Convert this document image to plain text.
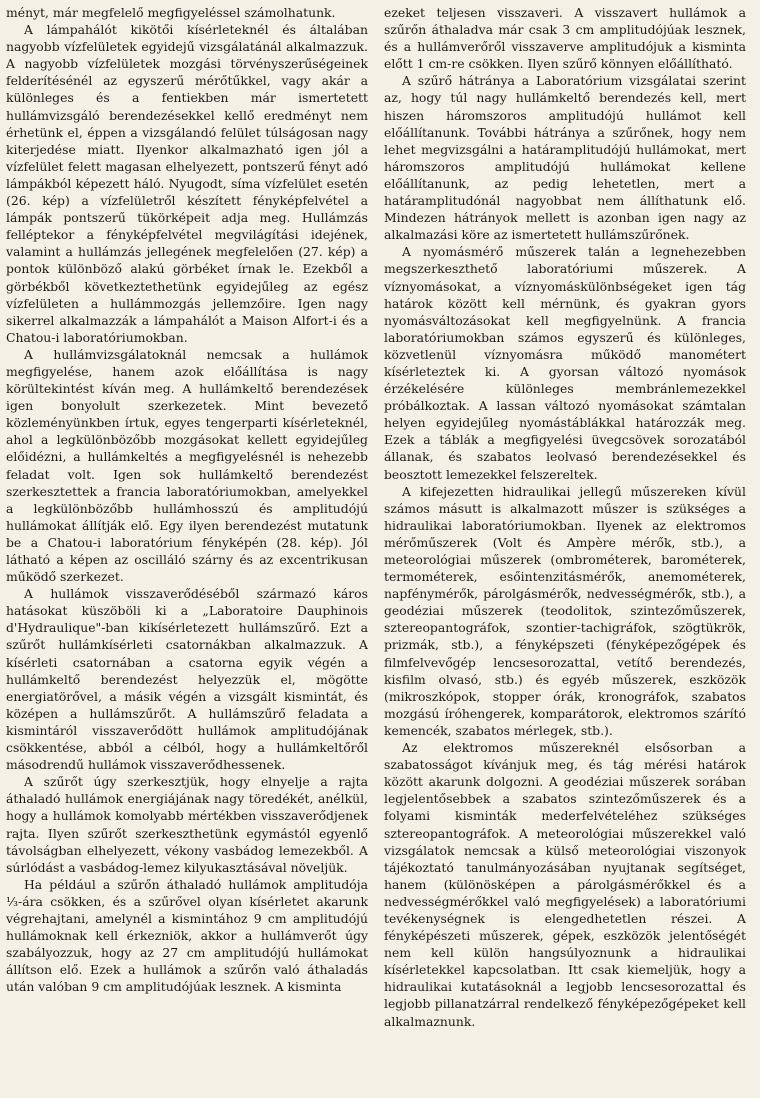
ményt, már megfelelő megfigyeléssel számolhatunk.

A lámpahálót kikötői kísérleteknél és általában nagyobb vízfelületek egyidejű vizsgálatánál alkalmazzuk. A nagyobb vízfelületek mozgási törvényszerűségeinek felderítésénél az egyszerű mérőtűkkel, vagy akár a különleges és a fentiekben már ismertetett hullámvizsgáló berendezésekkel kellő eredményt nem érhetünk el, éppen a vizsgálandó felület túlságosan nagy kiterjedése miatt. Ilyenkor alkalmazható igen jól a vízfelület felett magasan elhelyezett, pontszerű fényt adó lámpákból képezett háló. Nyugodt, síma vízfelület esetén (26. kép) a vízfelületről készített fényképfelvétel a lámpák pontszerű tükörképeit adja meg. Hullámzás felléptekor a fényképfelvétel megvilágítási idejének, valamint a hullámzás jellegének megfelelően (27. kép) a pontok különböző alakú görbéket írnak le. Ezekből a görbékből következtethetünk egyidejűleg az egész vízfelületen a hullámmozgás jellemzőire. Igen nagy sikerrel alkalmazzák a lámpahálót a Maison Alfort-i és a Chatou-i laboratóriumokban.

A hullámvizsgálatoknál nemcsak a hullámok megfigyelése, hanem azok előállítása is nagy körültekintést kíván meg. A hullámkeltő berendezések igen bonyolult szerkezetek. Mint bevezető közleményünkben írtuk, egyes tengerparti kísérleteknél, ahol a legkülönbözőbb mozgásokat kellett egyidejűleg előidézni, a hullámkeltés a megfigyelésnél is nehezebb feladat volt. Igen sok hullámkeltő berendezést szerkesztettek a francia laboratóriumokban, amelyekkel a legkülönbözőbb hullámhosszú és amplitudójú hullámokat állítják elő. Egy ilyen berendezést mutatunk be a Chatou-i laboratórium fényképén (28. kép). Jól látható a képen az oscilláló szárny és az excentrikusan működő szerkezet.

A hullámok visszaverődéséből származó káros hatásokat küszöböli ki a „Laboratoire Dauphinois d'Hydraulique"-ban kikísérletezett hullámszűrő. Ezt a szűrőt hullámkísérleti csatornákban alkalmazzuk. A kísérleti csatornában a csatorna egyik végén a hullámkeltő berendezést helyezzük el, mögötte energiatörővel, a másik végén a vizsgált kismintát, és középen a hullámszűrőt. A hullámszűrő feladata a kismintáról visszaverődött hullámok amplitudójának csökkentése, abból a célból, hogy a hullámkeltőről másodrendű hullámok visszaverődhessenek.

A szűrőt úgy szerkesztjük, hogy elnyelje a rajta áthaladó hullámok energiájának nagy töredékét, anélkül, hogy a hullámok komolyabb mértékben visszaverődjenek rajta. Ilyen szűrőt szerkeszthetünk egymástól egyenlő távolságban elhelyezett, vékony vasbádog lemezekből. A súrlódást a vasbádog-lemez kilyukasztásával növeljük.

Ha például a szűrőn áthaladó hullámok amplitudója ⅓-ára csökken, és a szűrővel olyan kísérletet akarunk végrehajtani, amelynél a kismintához 9 cm amplitudójú hullámoknak kell érkezniök, akkor a hullámverőt úgy szabályozzuk, hogy az 27 cm amplitudójú hullámokat állítson elő. Ezek a hullámok a szűrőn való áthaladás után valóban 9 cm amplitudójúak lesznek. A kisminta

ezeket teljesen visszaveri. A visszavert hullámok a szűrőn áthaladva már csak 3 cm amplitudójúak lesznek, és a hullámverőről visszaverve amplitudójuk a kisminta előtt 1 cm-re csökken. Ilyen szűrő könnyen előállítható.

A szűrő hátránya a Laboratórium vizsgálatai szerint az, hogy túl nagy hullámkeltő berendezés kell, mert hiszen háromszoros amplitudójú hullámot kell előállítanunk. További hátránya a szűrőnek, hogy nem lehet megvizsgálni a határamplitudójú hullámokat, mert háromszoros amplitudójú hullámokat kellene előállítanunk, az pedig lehetetlen, mert a határamplitudónál nagyobbat nem állíthatunk elő. Mindezen hátrányok mellett is azonban igen nagy az alkalmazási köre az ismertetett hullámszűrőnek.

A nyomásmérő műszerek talán a legnehezebben megszerkeszthető laboratóriumi műszerek. A víznyomásokat, a víznyomáskülönbségeket igen tág határok között kell mérnünk, és gyakran gyors nyomásváltozásokat kell megfigyelnünk. A francia laboratóriumokban számos egyszerű és különleges, közvetlenül víznyomásra működő manométert kísérleteztek ki. A gyorsan változó nyomások érzékelésére különleges membránlemezekkel próbálkoztak. A lassan változó nyomásokat számtalan helyen egyidejűleg nyomástáblákkal határozzák meg. Ezek a táblák a megfigyelési üvegcsövek sorozatából állanak, és szabatos leolvasó berendezésekkel és beosztott lemezekkel felszereltek.

A kifejezetten hidraulikai jellegű műszereken kívül számos másutt is alkalmazott műszer is szükséges a hidraulikai laboratóriumokban. Ilyenek az elektromos mérőműszerek (Volt és Ampère mérők, stb.), a meteorológiai műszerek (ombrométerek, barométerek, termométerek, esőintenzitásmérők, anemométerek, napfénymérők, párolgásmérők, nedvességmérők, stb.), a geodéziai műszerek (teodolitok, szintezőműszerek, sztereopantográfok, szontier-tachigráfok, szögtükrök, prizmák, stb.), a fényképszeti (fényképezőgépek és filmfelvevőgép lencsesorozattal, vetítő berendezés, kisfilm olvasó, stb.) és egyéb műszerek, eszközök (mikroszkópok, stopper órák, kronográfok, szabatos mozgású íróhengerek, komparátorok, elektromos szárító kemencék, szabatos mérlegek, stb.).

Az elektromos műszereknél elsősorban a szabatosságot kívánjuk meg, és tág mérési határok között akarunk dolgozni. A geodéziai műszerek sorában legjelentősebbek a szabatos szintezőműszerek és a folyami kisminták mederfelvételéhez szükséges sztereopantográfok. A meteorológiai műszerekkel való vizsgálatok nemcsak a külső meteorológiai viszonyok tájékoztató tanulmányozásában nyujtanak segítséget, hanem (különösképen a párolgásmérőkkel és a nedvességmérőkkel való megfigyelések) a laboratóriumi tevékenységnek is elengedhetetlen részei. A fényképészeti műszerek, gépek, eszközök jelentőségét nem kell külön hangsúlyoznunk a hidraulikai kísérletekkel kapcsolatban. Itt csak kiemeljük, hogy a hidraulikai kutatásoknál a legjobb lencsesorozattal és legjobb pillanatzárral rendelkező fényképezőgépeket kell alkalmaznunk.
